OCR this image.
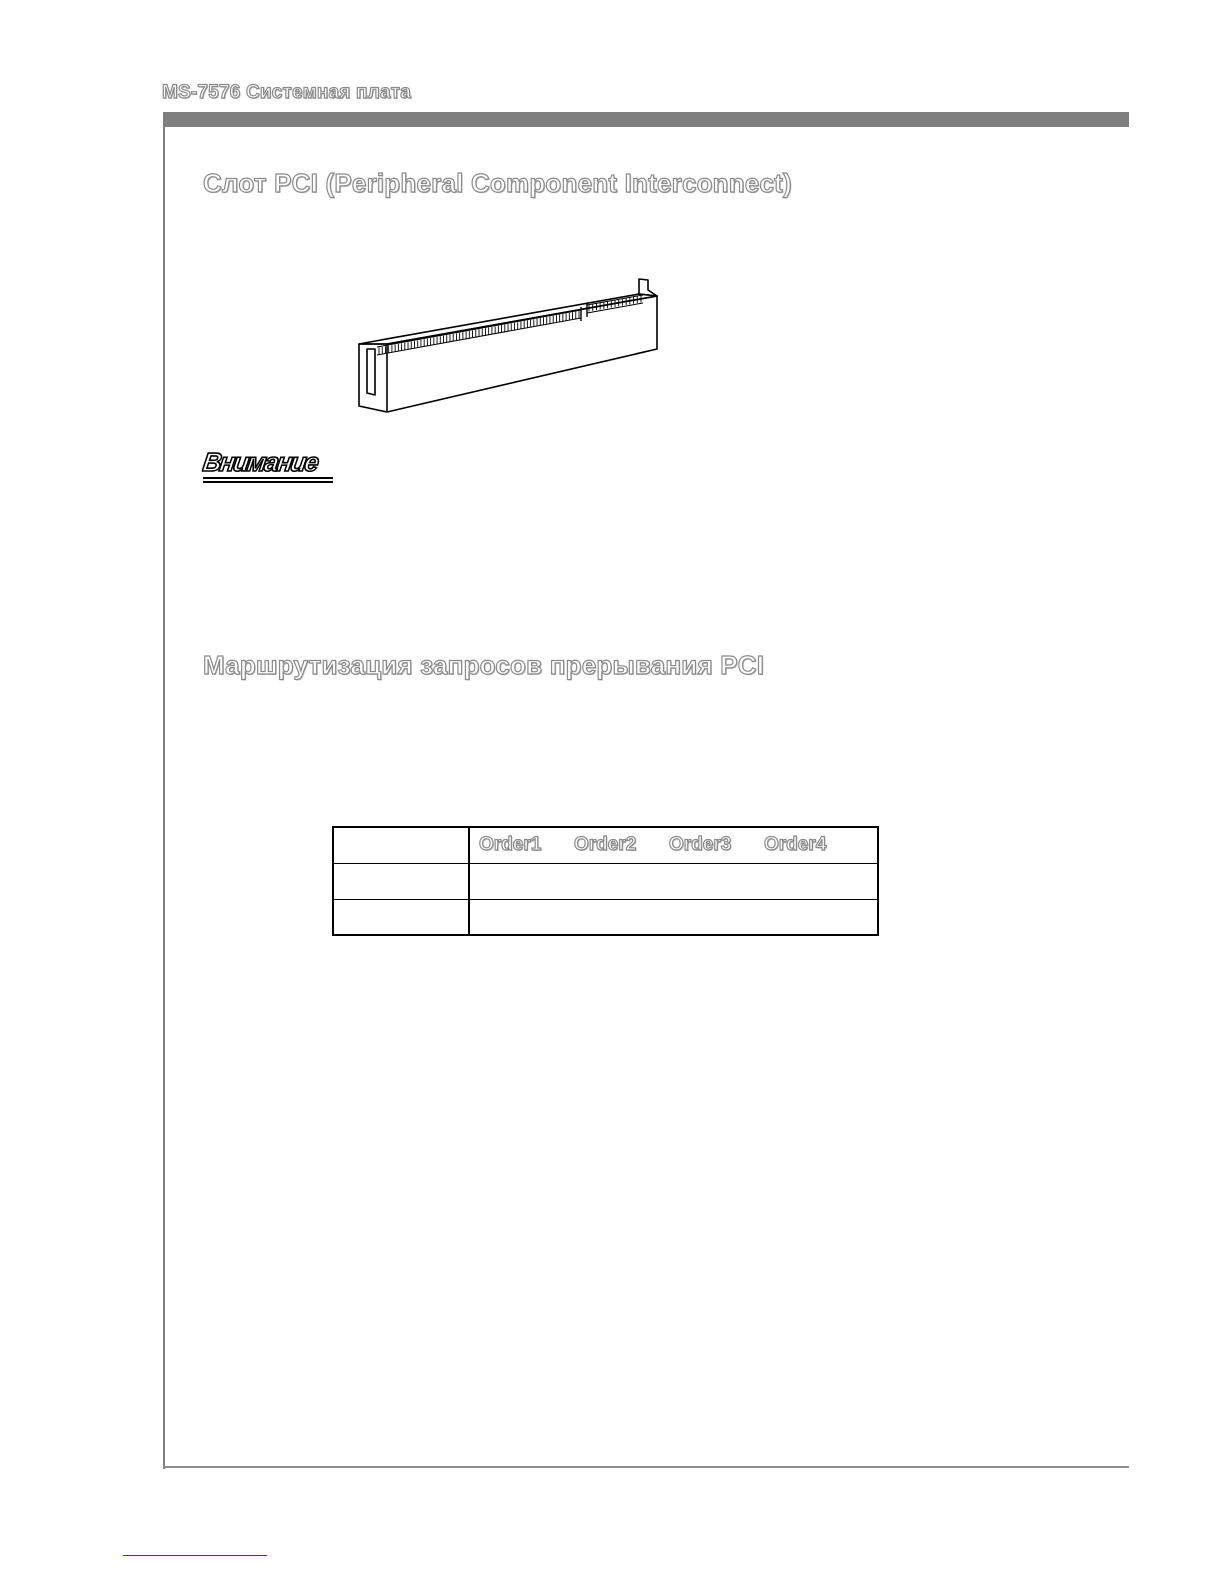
MS-7576 Системная плата
Слот PCI (Peripheral Component Interconnect)
Внимание
Маршрутизация запросов прерывания PCI
Order1	Order2	Order3	Order4
